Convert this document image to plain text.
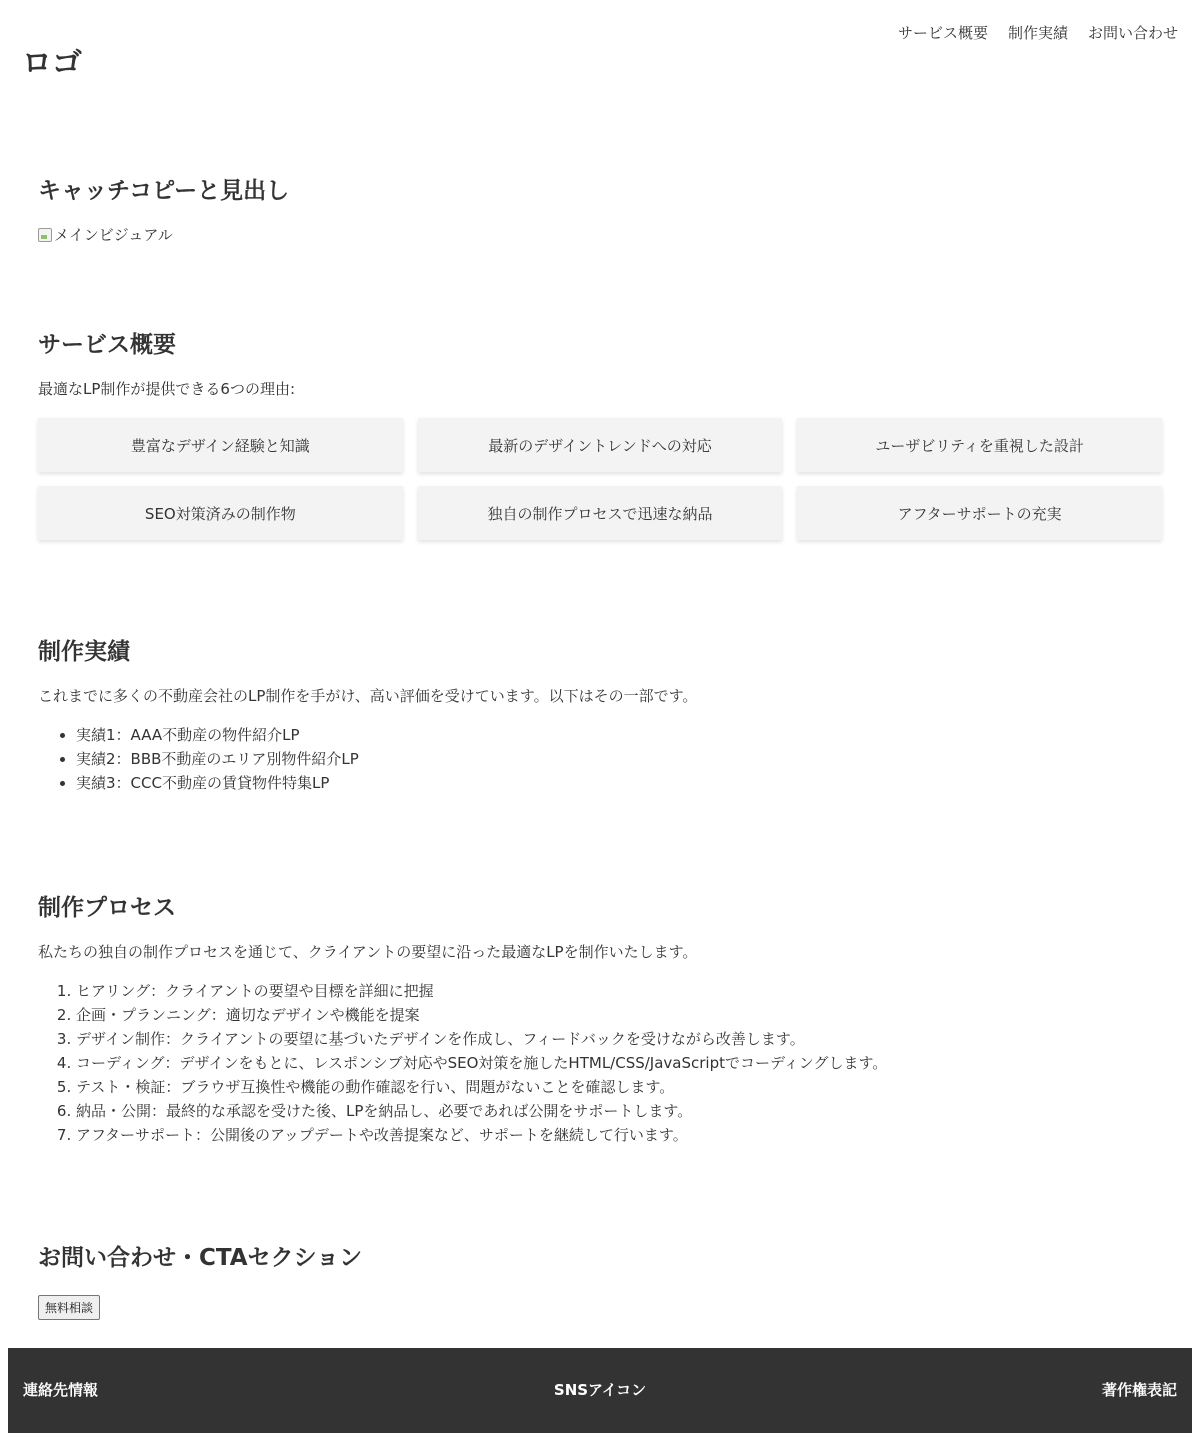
ロゴ
サービス概要 制作実績 お問い合わせ
キャッチコピーと見出し
メインビジュアル
サービス概要

最適なLP制作が提供できる6つの理由:

豊富なデザイン経験と知識	最新のデザイントレンドへの対応	ユーザビリティを重視した設計
SEO対策済みの制作物	独自の制作プロセスで迅速な納品	アフターサポートの充実
制作実績

これまでに多くの不動産会社のLP制作を手がけ、高い評価を受けています。以下はその一部です。

• 実績1：AAA不動産の物件紹介LP
• 実績2：BBB不動産のエリア別物件紹介LP
• 実績3：CCC不動産の賃貸物件特集LP
制作プロセス

私たちの独自の制作プロセスを通じて、クライアントの要望に沿った最適なLPを制作いたします。

1. ヒアリング：クライアントの要望や目標を詳細に把握
2. 企画・プランニング：適切なデザインや機能を提案
3. デザイン制作：クライアントの要望に基づいたデザインを作成し、フィードバックを受けながら改善します。
4. コーディング：デザインをもとに、レスポンシブ対応やSEO対策を施したHTML/CSS/JavaScriptでコーディングします。
5. テスト・検証：ブラウザ互換性や機能の動作確認を行い、問題がないことを確認します。
6. 納品・公開：最終的な承認を受けた後、LPを納品し、必要であれば公開をサポートします。
7. アフターサポート：公開後のアップデートや改善提案など、サポートを継続して行います。
お問い合わせ・CTAセクション
無料相談
連絡先情報	SNSアイコン	著作権表記
